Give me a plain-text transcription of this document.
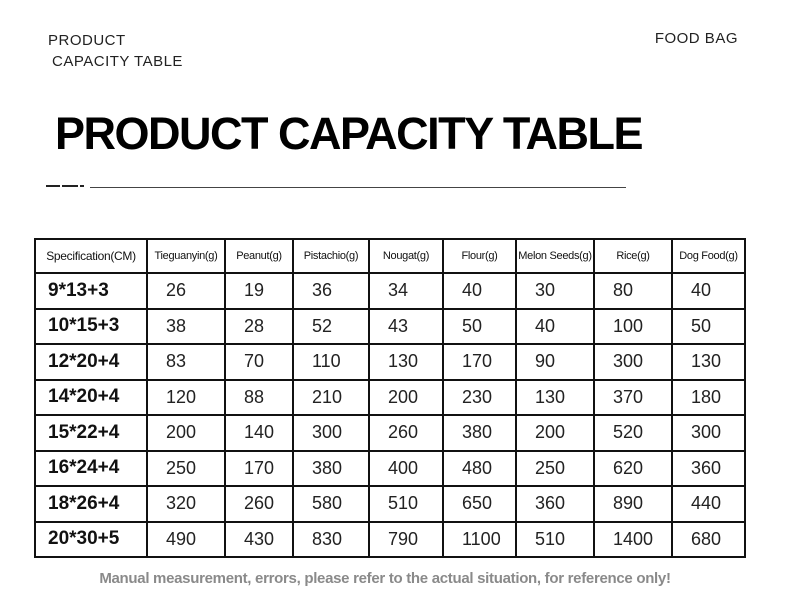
PRODUCT
CAPACITY TABLE
FOOD BAG
PRODUCT CAPACITY TABLE
Specification(CM)	Tieguanyin(g)	Peanut(g)	Pistachio(g)	Nougat(g)	Flour(g)	Melon Seeds(g)	Rice(g)	Dog Food(g)
9*13+3	26	19	36	34	40	30	80	40
10*15+3	38	28	52	43	50	40	100	50
12*20+4	83	70	110	130	170	90	300	130
14*20+4	120	88	210	200	230	130	370	180
15*22+4	200	140	300	260	380	200	520	300
16*24+4	250	170	380	400	480	250	620	360
18*26+4	320	260	580	510	650	360	890	440
20*30+5	490	430	830	790	1100	510	1400	680
Manual measurement, errors, please refer to the actual situation, for reference only!
